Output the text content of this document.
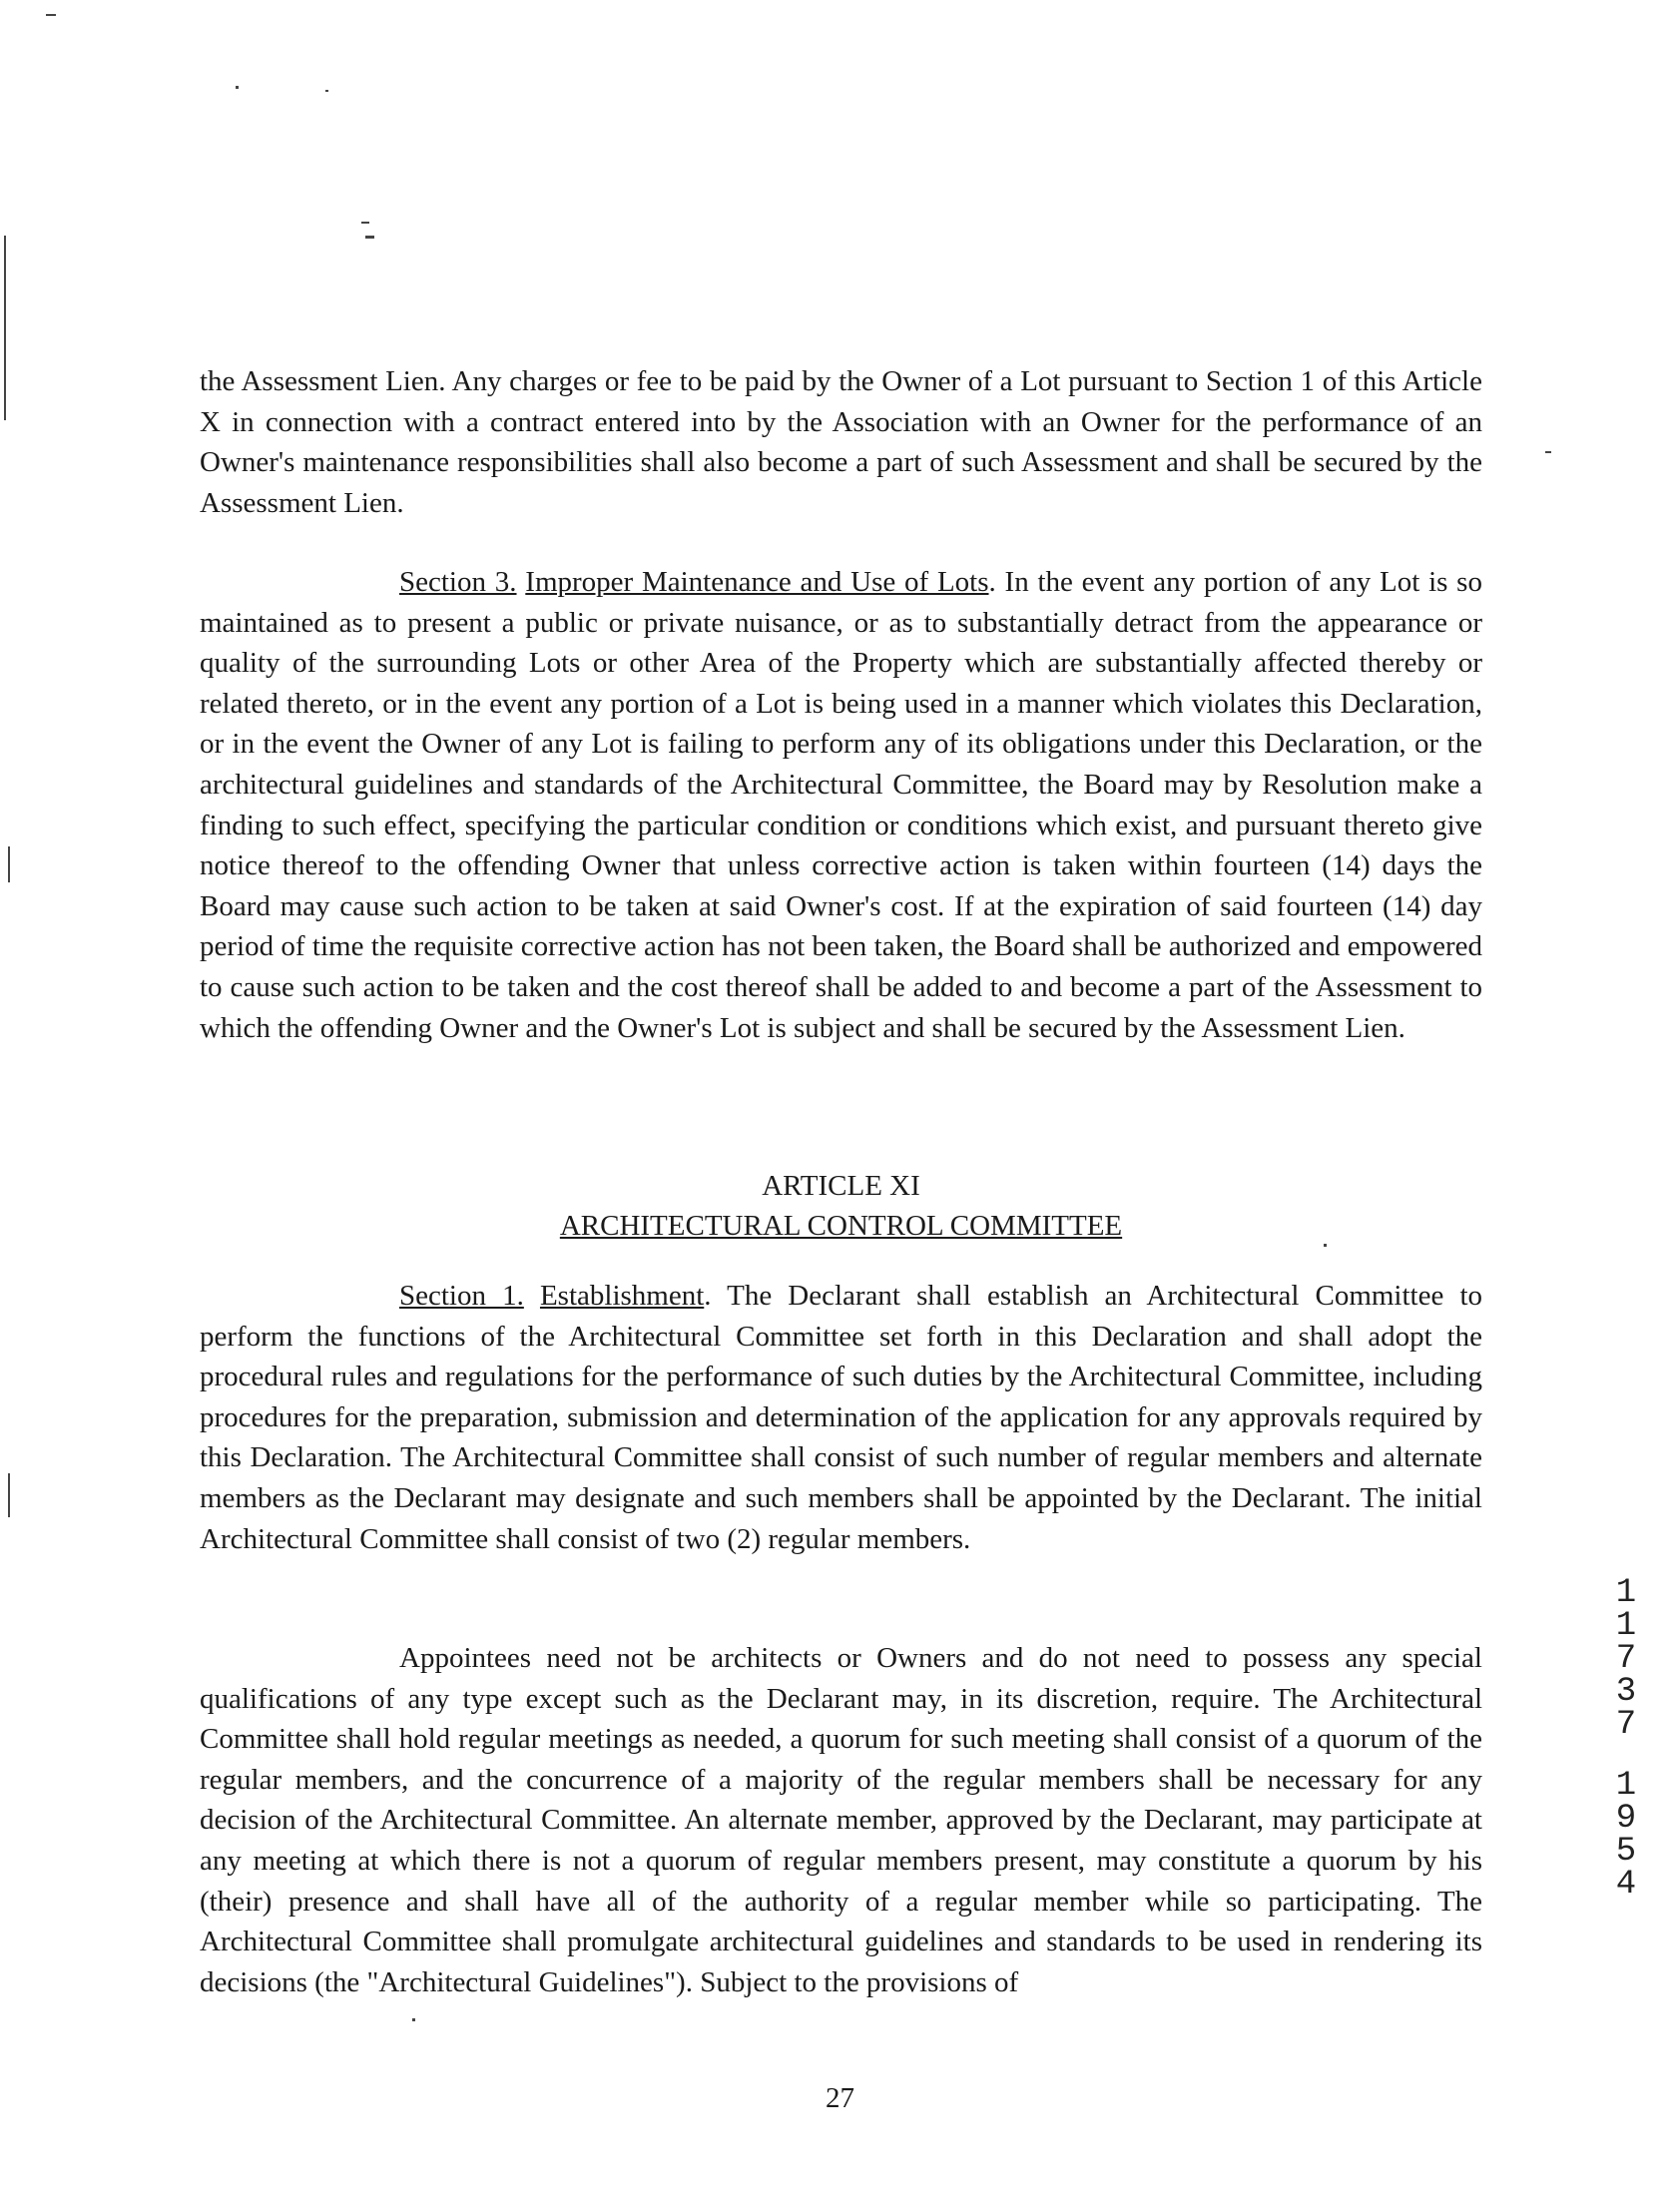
the Assessment Lien. Any charges or fee to be paid by the Owner of a Lot pursuant to Section 1 of this Article X in connection with a contract entered into by the Association with an Owner for the performance of an Owner's maintenance responsibilities shall also become a part of such Assessment and shall be secured by the Assessment Lien.

Section 3. Improper Maintenance and Use of Lots. In the event any portion of any Lot is so maintained as to present a public or private nuisance, or as to substantially detract from the appearance or quality of the surrounding Lots or other Area of the Property which are substantially affected thereby or related thereto, or in the event any portion of a Lot is being used in a manner which violates this Declaration, or in the event the Owner of any Lot is failing to perform any of its obligations under this Declaration, or the architectural guidelines and standards of the Architectural Committee, the Board may by Resolution make a finding to such effect, specifying the particular condition or conditions which exist, and pursuant thereto give notice thereof to the offending Owner that unless corrective action is taken within fourteen (14) days the Board may cause such action to be taken at said Owner's cost. If at the expiration of said fourteen (14) day period of time the requisite corrective action has not been taken, the Board shall be authorized and empowered to cause such action to be taken and the cost thereof shall be added to and become a part of the Assessment to which the offending Owner and the Owner's Lot is subject and shall be secured by the Assessment Lien.

ARTICLE XI

ARCHITECTURAL CONTROL COMMITTEE

Section 1. Establishment. The Declarant shall establish an Architectural Committee to perform the functions of the Architectural Committee set forth in this Declaration and shall adopt the procedural rules and regulations for the performance of such duties by the Architectural Committee, including procedures for the preparation, submission and determination of the application for any approvals required by this Declaration. The Architectural Committee shall consist of such number of regular members and alternate members as the Declarant may designate and such members shall be appointed by the Declarant. The initial Architectural Committee shall consist of two (2) regular members.

Appointees need not be architects or Owners and do not need to possess any special qualifications of any type except such as the Declarant may, in its discretion, require. The Architectural Committee shall hold regular meetings as needed, a quorum for such meeting shall consist of a quorum of the regular members, and the concurrence of a majority of the regular members shall be necessary for any decision of the Architectural Committee. An alternate member, approved by the Declarant, may participate at any meeting at which there is not a quorum of regular members present, may constitute a quorum by his (their) presence and shall have all of the authority of a regular member while so participating. The Architectural Committee shall promulgate architectural guidelines and standards to be used in rendering its decisions (the "Architectural Guidelines"). Subject to the provisions of

1
1
7
3
7
1
9
5
4

27
